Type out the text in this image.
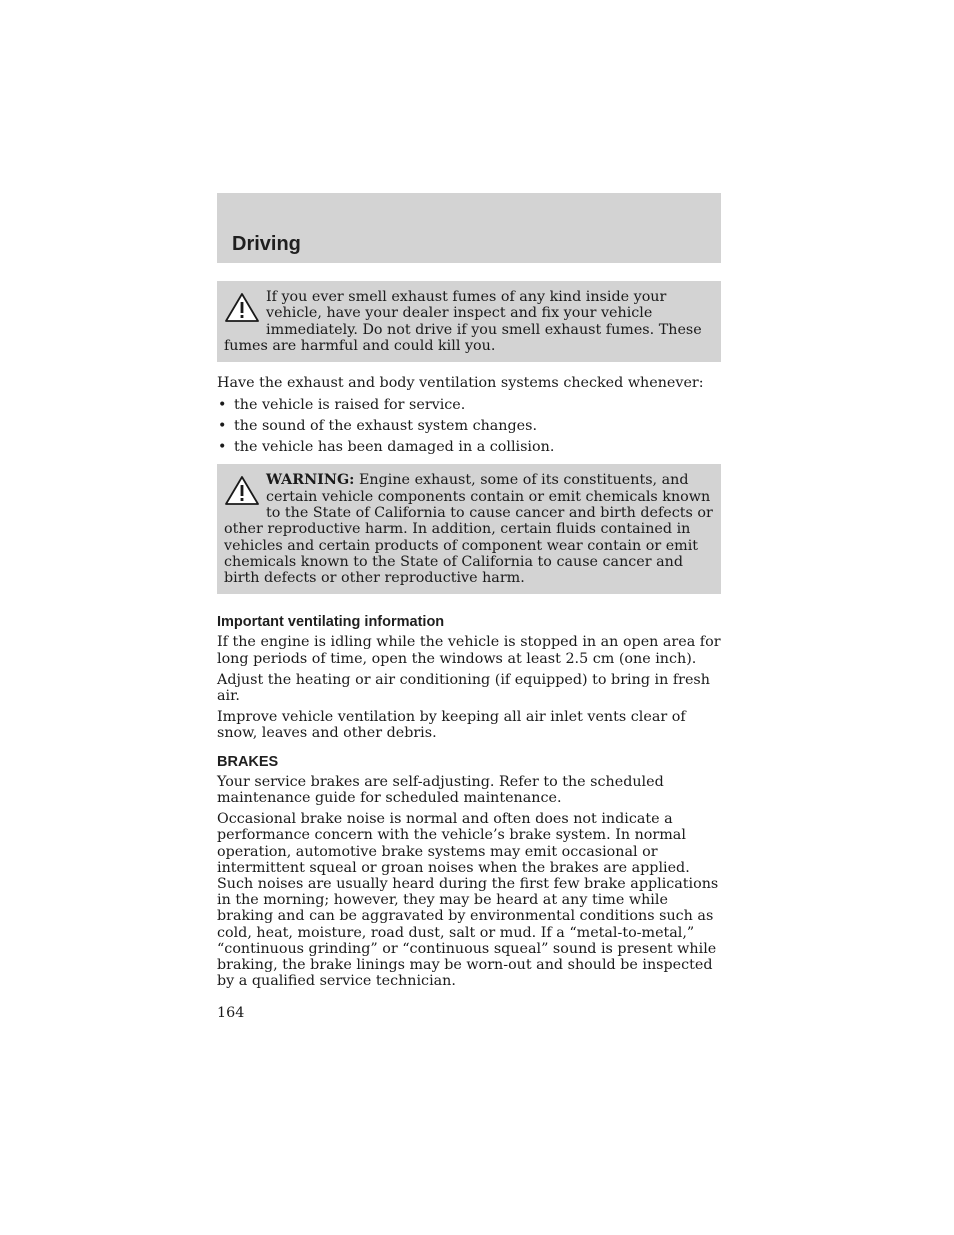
Driving
If you ever smell exhaust fumes of any kind inside your vehicle, have your dealer inspect and fix your vehicle immediately. Do not drive if you smell exhaust fumes. These fumes are harmful and could kill you.

Have the exhaust and body ventilation systems checked whenever:

• the vehicle is raised for service.
• the sound of the exhaust system changes.
• the vehicle has been damaged in a collision.
WARNING: Engine exhaust, some of its constituents, and certain vehicle components contain or emit chemicals known to the State of California to cause cancer and birth defects or other reproductive harm. In addition, certain fluids contained in vehicles and certain products of component wear contain or emit chemicals known to the State of California to cause cancer and birth defects or other reproductive harm.
Important ventilating information

If the engine is idling while the vehicle is stopped in an open area for long periods of time, open the windows at least 2.5 cm (one inch).

Adjust the heating or air conditioning (if equipped) to bring in fresh air.

Improve vehicle ventilation by keeping all air inlet vents clear of snow, leaves and other debris.

BRAKES

Your service brakes are self-adjusting. Refer to the scheduled maintenance guide for scheduled maintenance.

Occasional brake noise is normal and often does not indicate a performance concern with the vehicle’s brake system. In normal operation, automotive brake systems may emit occasional or intermittent squeal or groan noises when the brakes are applied. Such noises are usually heard during the first few brake applications in the morning; however, they may be heard at any time while braking and can be aggravated by environmental conditions such as cold, heat, moisture, road dust, salt or mud. If a “metal-to-metal,” “continuous grinding” or “continuous squeal” sound is present while braking, the brake linings may be worn-out and should be inspected by a qualified service technician.

164
